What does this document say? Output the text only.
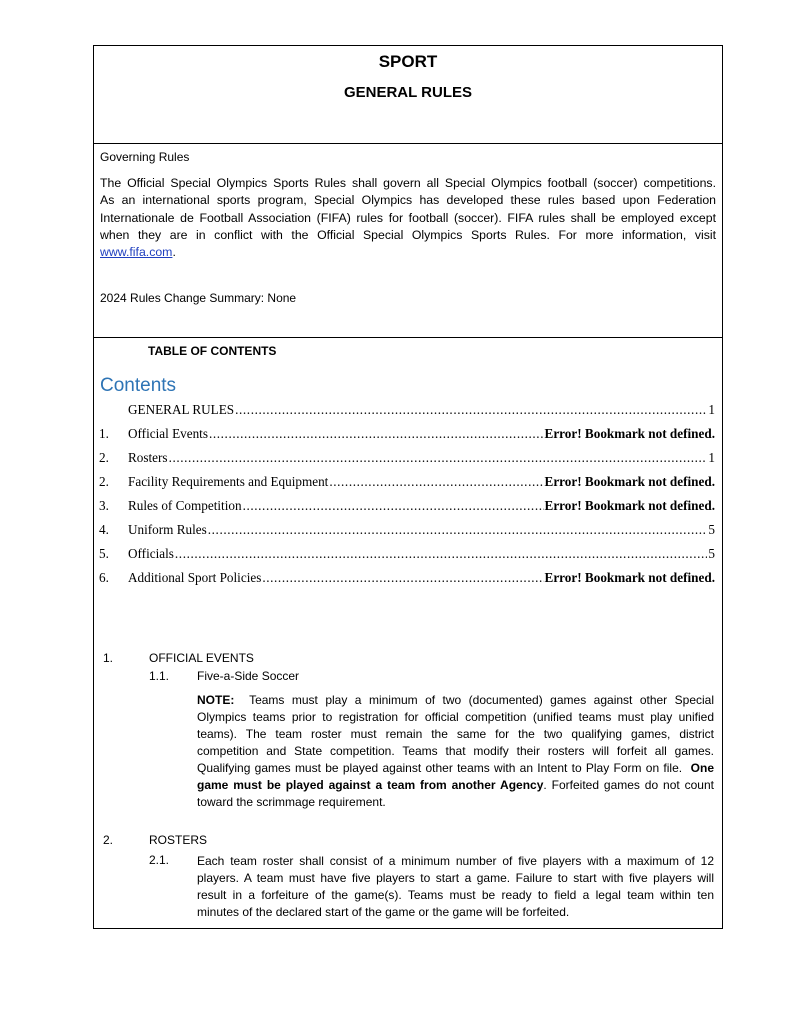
SPORT
GENERAL RULES
Governing Rules
The Official Special Olympics Sports Rules shall govern all Special Olympics football (soccer) competitions.
As an international sports program, Special Olympics has developed these rules based upon Federation
Internationale de Football Association (FIFA) rules for football (soccer). FIFA rules shall be employed except
when they are in conflict with the Official Special Olympics Sports Rules. For more information, visit
www.fifa.com.
2024 Rules Change Summary: None
TABLE OF CONTENTS
Contents
GENERAL RULES .....	1
1.	Official Events .....	Error! Bookmark not defined.
2.	Rosters .....	1
2.	Facility Requirements and Equipment .....	Error! Bookmark not defined.
3.	Rules of Competition .....	Error! Bookmark not defined.
4.	Uniform Rules .....	5
5.	Officials .....	5
6.	Additional Sport Policies .....	Error! Bookmark not defined.
1.	OFFICIAL EVENTS
1.1. Five-a-Side Soccer
NOTE: Teams must play a minimum of two (documented) games against other Special
Olympics teams prior to registration for official competition (unified teams must play unified
teams). The team roster must remain the same for the two qualifying games, district
competition and State competition. Teams that modify their rosters will forfeit all games.
Qualifying games must be played against other teams with an Intent to Play Form on file. One
game must be played against a team from another Agency. Forfeited games do not count
toward the scrimmage requirement.
2.	ROSTERS
2.1. Each team roster shall consist of a minimum number of five players with a maximum of 12
players. A team must have five players to start a game. Failure to start with five players will
result in a forfeiture of the game(s). Teams must be ready to field a legal team within ten
minutes of the declared start of the game or the game will be forfeited.
